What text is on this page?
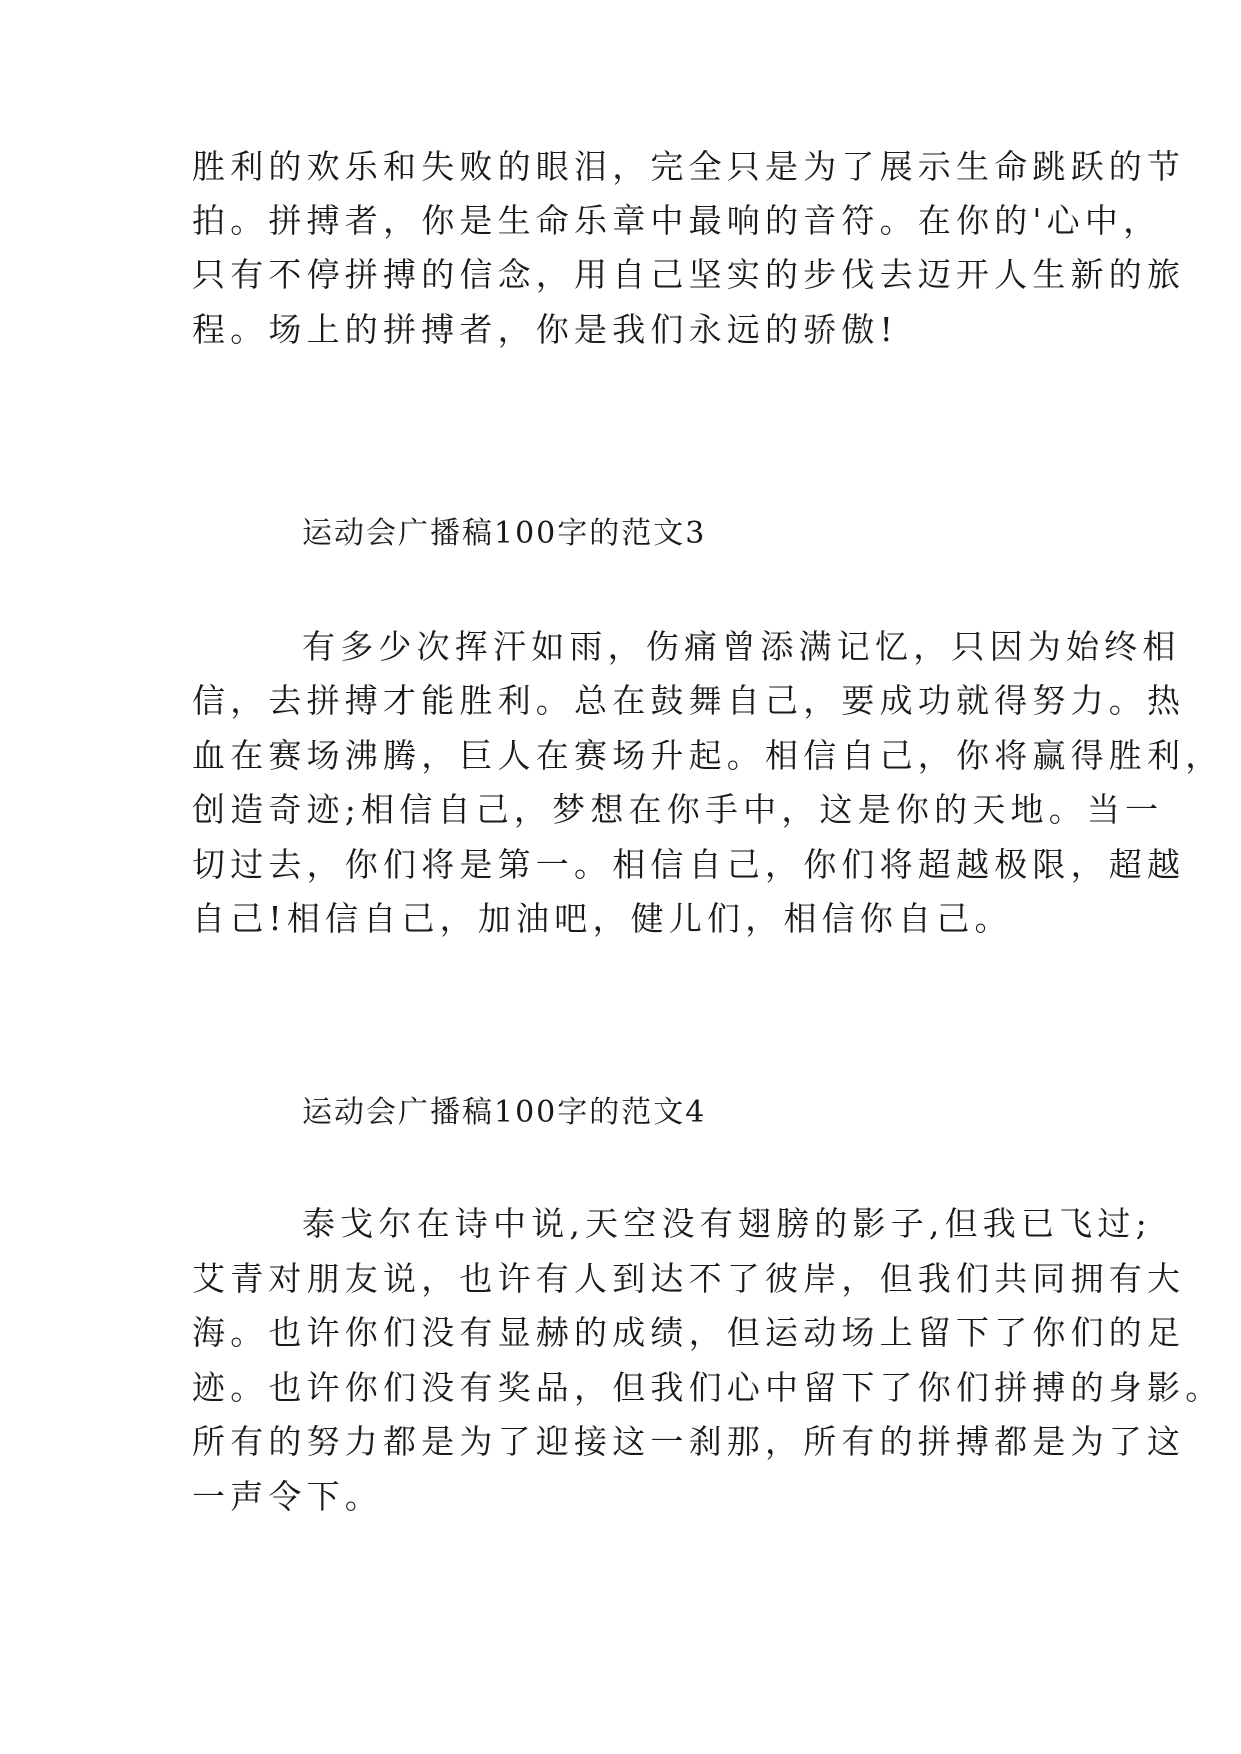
胜利的欢乐和失败的眼泪，完全只是为了展示生命跳跃的节
拍。拼搏者，你是生命乐章中最响的音符。在你的'心中，
只有不停拼搏的信念，用自己坚实的步伐去迈开人生新的旅
程。场上的拼搏者，你是我们永远的骄傲!
运动会广播稿100字的范文3
有多少次挥汗如雨，伤痛曾添满记忆，只因为始终相
信，去拼搏才能胜利。总在鼓舞自己，要成功就得努力。热
血在赛场沸腾，巨人在赛场升起。相信自己，你将赢得胜利，
创造奇迹;相信自己，梦想在你手中，这是你的天地。当一
切过去，你们将是第一。相信自己，你们将超越极限，超越
自己!相信自己，加油吧，健儿们，相信你自己。
运动会广播稿100字的范文4
泰戈尔在诗中说,天空没有翅膀的影子,但我已飞过;
艾青对朋友说，也许有人到达不了彼岸，但我们共同拥有大
海。也许你们没有显赫的成绩，但运动场上留下了你们的足
迹。也许你们没有奖品，但我们心中留下了你们拼搏的身影。
所有的努力都是为了迎接这一刹那，所有的拼搏都是为了这
一声令下。
